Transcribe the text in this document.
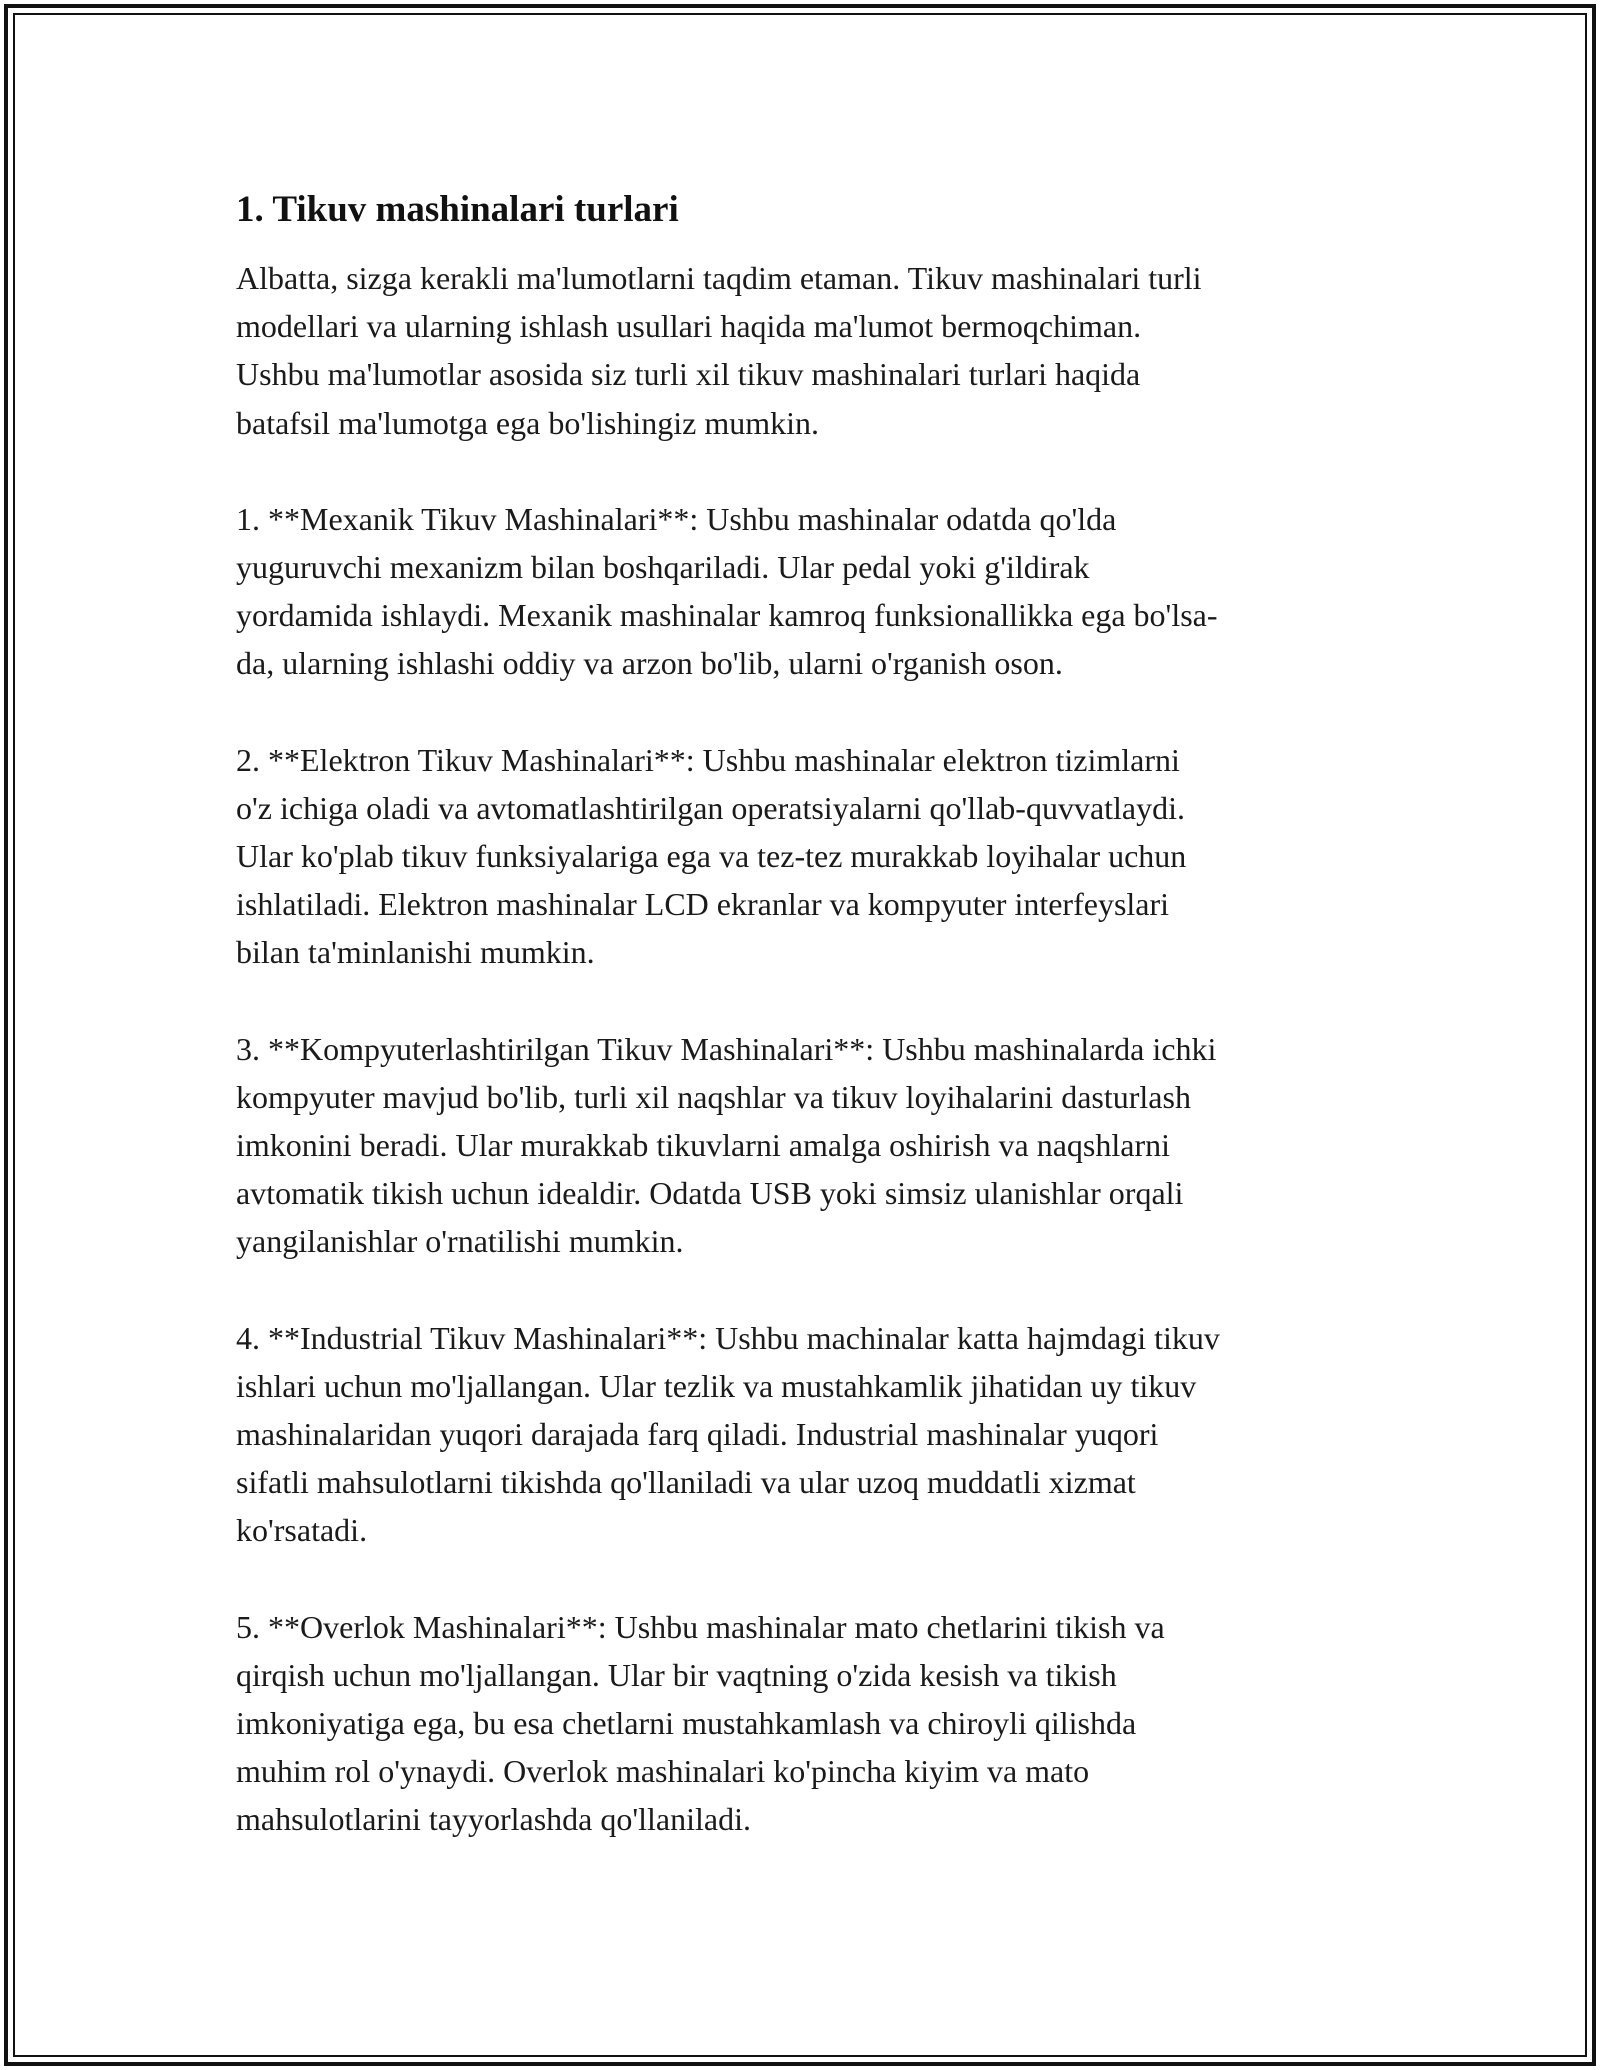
1. Tikuv mashinalari turlari

Albatta, sizga kerakli ma'lumotlarni taqdim etaman. Tikuv mashinalari turli
modellari va ularning ishlash usullari haqida ma'lumot bermoqchiman.
Ushbu ma'lumotlar asosida siz turli xil tikuv mashinalari turlari haqida
batafsil ma'lumotga ega bo'lishingiz mumkin.

1. **Mexanik Tikuv Mashinalari**: Ushbu mashinalar odatda qo'lda
yuguruvchi mexanizm bilan boshqariladi. Ular pedal yoki g'ildirak
yordamida ishlaydi. Mexanik mashinalar kamroq funksionallikka ega bo'lsa-
da, ularning ishlashi oddiy va arzon bo'lib, ularni o'rganish oson.

2. **Elektron Tikuv Mashinalari**: Ushbu mashinalar elektron tizimlarni
o'z ichiga oladi va avtomatlashtirilgan operatsiyalarni qo'llab-quvvatlaydi.
Ular ko'plab tikuv funksiyalariga ega va tez-tez murakkab loyihalar uchun
ishlatiladi. Elektron mashinalar LCD ekranlar va kompyuter interfeyslari
bilan ta'minlanishi mumkin.

3. **Kompyuterlashtirilgan Tikuv Mashinalari**: Ushbu mashinalarda ichki
kompyuter mavjud bo'lib, turli xil naqshlar va tikuv loyihalarini dasturlash
imkonini beradi. Ular murakkab tikuvlarni amalga oshirish va naqshlarni
avtomatik tikish uchun idealdir. Odatda USB yoki simsiz ulanishlar orqali
yangilanishlar o'rnatilishi mumkin.

4. **Industrial Tikuv Mashinalari**: Ushbu machinalar katta hajmdagi tikuv
ishlari uchun mo'ljallangan. Ular tezlik va mustahkamlik jihatidan uy tikuv
mashinalaridan yuqori darajada farq qiladi. Industrial mashinalar yuqori
sifatli mahsulotlarni tikishda qo'llaniladi va ular uzoq muddatli xizmat
ko'rsatadi.

5. **Overlok Mashinalari**: Ushbu mashinalar mato chetlarini tikish va
qirqish uchun mo'ljallangan. Ular bir vaqtning o'zida kesish va tikish
imkoniyatiga ega, bu esa chetlarni mustahkamlash va chiroyli qilishda
muhim rol o'ynaydi. Overlok mashinalari ko'pincha kiyim va mato
mahsulotlarini tayyorlashda qo'llaniladi.
